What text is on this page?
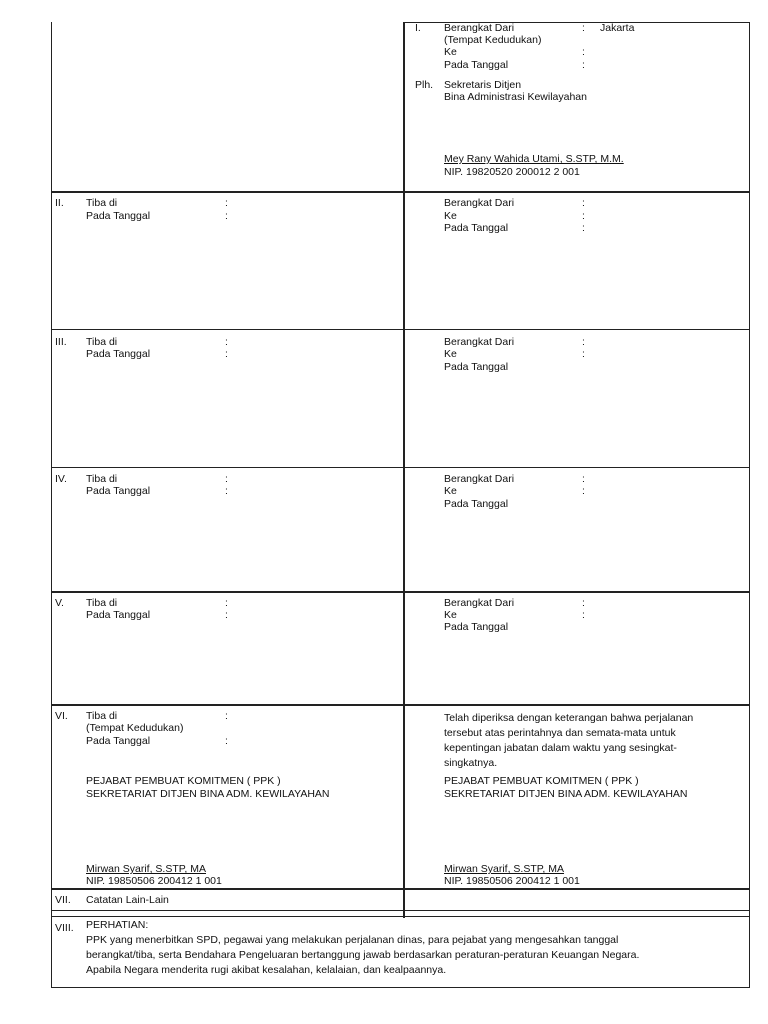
I. Berangkat Dari	: Jakarta
(Tempat Kedudukan)
Ke	:
Pada Tanggal	:
Plh. Sekretaris Ditjen
Bina Administrasi Kewilayahan
Mey Rany Wahida Utami, S.STP, M.M.
NIP. 19820520 200012 2 001
II. Tiba di	:
Pada Tanggal	:
Berangkat Dari	:
Ke	:
Pada Tanggal	:
III. Tiba di	:
Pada Tanggal	:
Berangkat Dari	:
Ke	:
Pada Tanggal
IV. Tiba di	:
Pada Tanggal	:
Berangkat Dari	:
Ke	:
Pada Tanggal
V. Tiba di	:
Pada Tanggal	:
Berangkat Dari	:
Ke	:
Pada Tanggal
VI. Tiba di	:
(Tempat Kedudukan)
Pada Tanggal	:
PEJABAT PEMBUAT KOMITMEN ( PPK )
SEKRETARIAT DITJEN BINA ADM. KEWILAYAHAN
Mirwan Syarif, S.STP, MA
NIP. 19850506 200412 1 001
Telah diperiksa dengan keterangan bahwa perjalanan
tersebut atas perintahnya dan semata-mata untuk
kepentingan jabatan dalam waktu yang sesingkat-
singkatnya.
PEJABAT PEMBUAT KOMITMEN ( PPK )
SEKRETARIAT DITJEN BINA ADM. KEWILAYAHAN
Mirwan Syarif, S.STP, MA
NIP. 19850506 200412 1 001
VII. Catatan Lain-Lain
VIII. PERHATIAN:
PPK yang menerbitkan SPD, pegawai yang melakukan perjalanan dinas, para pejabat yang mengesahkan tanggal
berangkat/tiba, serta Bendahara Pengeluaran bertanggung jawab berdasarkan peraturan-peraturan Keuangan Negara.
Apabila Negara menderita rugi akibat kesalahan, kelalaian, dan kealpaannya.
